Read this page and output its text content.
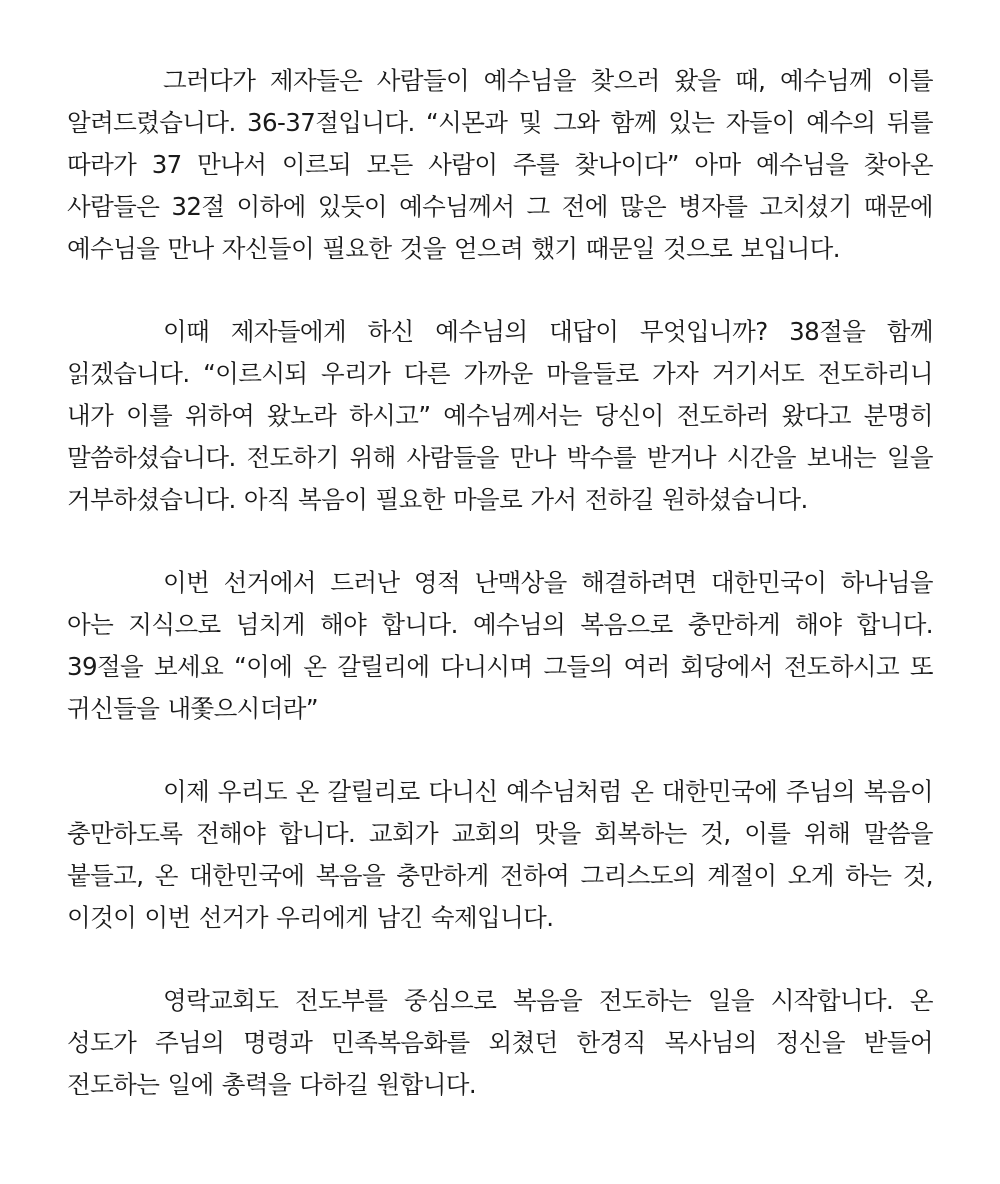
그러다가 제자들은 사람들이 예수님을 찾으러 왔을 때, 예수님께 이를 알려드렸습니다. 36-37절입니다. “시몬과 및 그와 함께 있는 자들이 예수의 뒤를 따라가 37 만나서 이르되 모든 사람이 주를 찾나이다” 아마 예수님을 찾아온 사람들은 32절 이하에 있듯이 예수님께서 그 전에 많은 병자를 고치셨기 때문에 예수님을 만나 자신들이 필요한 것을 얻으려 했기 때문일 것으로 보입니다.

이때 제자들에게 하신 예수님의 대답이 무엇입니까? 38절을 함께 읽겠습니다. “이르시되 우리가 다른 가까운 마을들로 가자 거기서도 전도하리니 내가 이를 위하여 왔노라 하시고” 예수님께서는 당신이 전도하러 왔다고 분명히 말씀하셨습니다. 전도하기 위해 사람들을 만나 박수를 받거나 시간을 보내는 일을 거부하셨습니다. 아직 복음이 필요한 마을로 가서 전하길 원하셨습니다.

이번 선거에서 드러난 영적 난맥상을 해결하려면 대한민국이 하나님을 아는 지식으로 넘치게 해야 합니다. 예수님의 복음으로 충만하게 해야 합니다. 39절을 보세요 “이에 온 갈릴리에 다니시며 그들의 여러 회당에서 전도하시고 또 귀신들을 내쫓으시더라”

이제 우리도 온 갈릴리로 다니신 예수님처럼 온 대한민국에 주님의 복음이 충만하도록 전해야 합니다. 교회가 교회의 맛을 회복하는 것, 이를 위해 말씀을 붙들고, 온 대한민국에 복음을 충만하게 전하여 그리스도의 계절이 오게 하는 것, 이것이 이번 선거가 우리에게 남긴 숙제입니다.

영락교회도 전도부를 중심으로 복음을 전도하는 일을 시작합니다. 온 성도가 주님의 명령과 민족복음화를 외쳤던 한경직 목사님의 정신을 받들어 전도하는 일에 총력을 다하길 원합니다.
